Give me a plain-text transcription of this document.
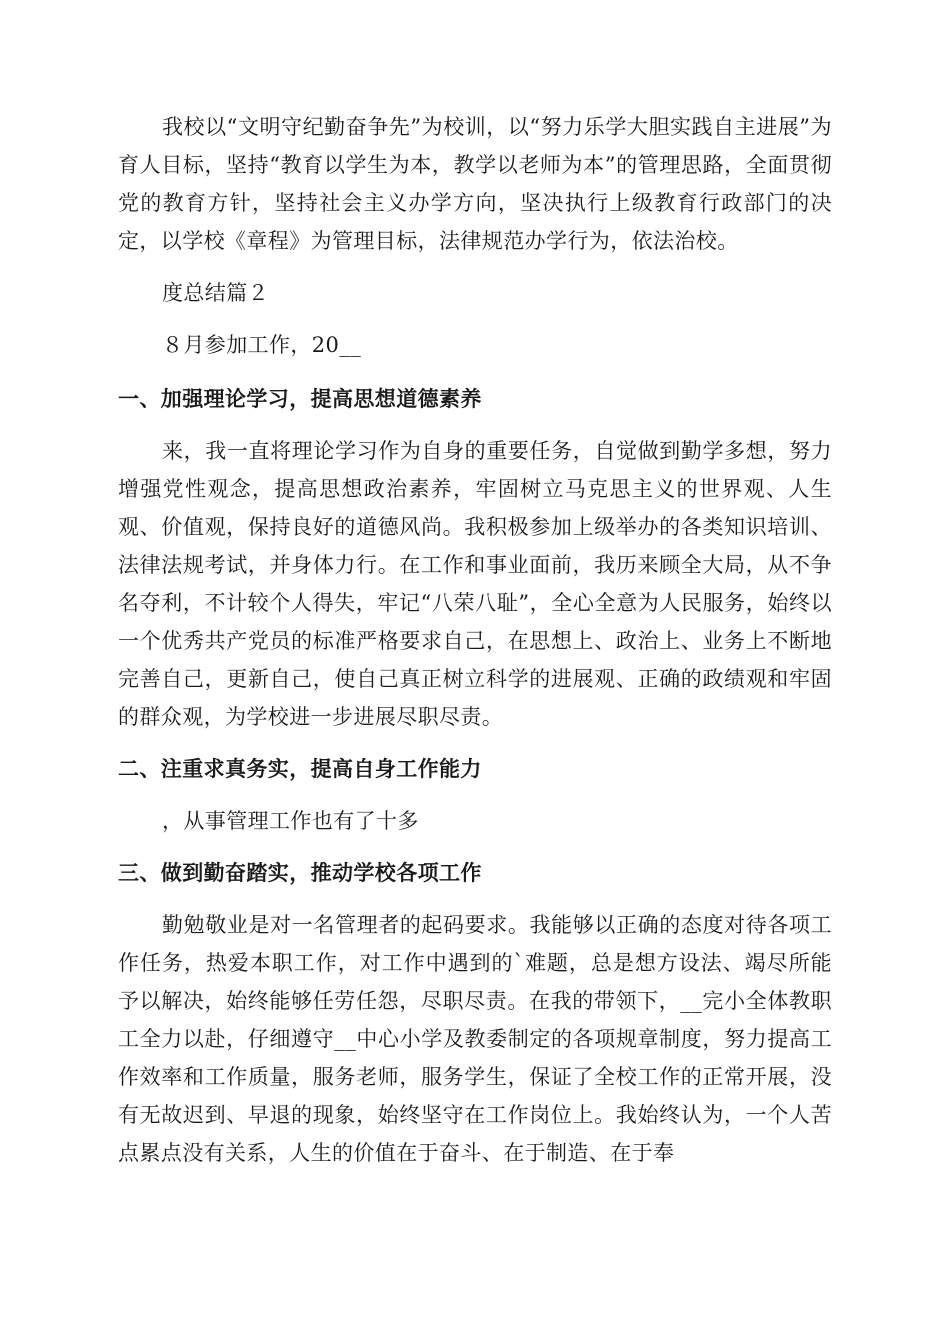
我校以“文明守纪勤奋争先”为校训，以“努力乐学大胆实践自主进展”为育人目标，坚持“教育以学生为本，教学以老师为本”的管理思路，全面贯彻党的教育方针，坚持社会主义办学方向，坚决执行上级教育行政部门的决定，以学校《章程》为管理目标，法律规范办学行为，依法治校。

度总结篇２

８月参加工作，20__

一、加强理论学习，提高思想道德素养

来，我一直将理论学习作为自身的重要任务，自觉做到勤学多想，努力增强党性观念，提高思想政治素养，牢固树立马克思主义的世界观、人生观、价值观，保持良好的道德风尚。我积极参加上级举办的各类知识培训、法律法规考试，并身体力行。在工作和事业面前，我历来顾全大局，从不争名夺利，不计较个人得失，牢记“八荣八耻”，全心全意为人民服务，始终以一个优秀共产党员的标准严格要求自己，在思想上、政治上、业务上不断地完善自己，更新自己，使自己真正树立科学的进展观、正确的政绩观和牢固的群众观，为学校进一步进展尽职尽责。

二、注重求真务实，提高自身工作能力

，从事管理工作也有了十多

三、做到勤奋踏实，推动学校各项工作

勤勉敬业是对一名管理者的起码要求。我能够以正确的态度对待各项工作任务，热爱本职工作，对工作中遇到的`难题，总是想方设法、竭尽所能予以解决，始终能够任劳任怨，尽职尽责。在我的带领下，__完小全体教职工全力以赴，仔细遵守__中心小学及教委制定的各项规章制度，努力提高工作效率和工作质量，服务老师，服务学生，保证了全校工作的正常开展，没有无故迟到、早退的现象，始终坚守在工作岗位上。我始终认为，一个人苦点累点没有关系，人生的价值在于奋斗、在于制造、在于奉
